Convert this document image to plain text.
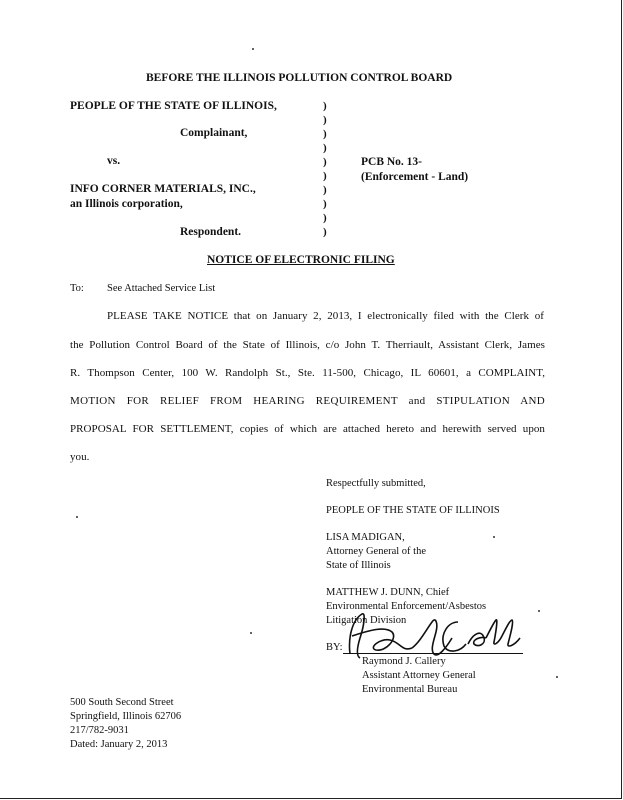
BEFORE THE ILLINOIS POLLUTION CONTROL BOARD
PEOPLE OF THE STATE OF ILLINOIS,
Complainant,
vs.
INFO CORNER MATERIALS, INC.,
an Illinois corporation,
Respondent.
)
)
)
)
)
)
)
)
)
)
PCB No. 13-
(Enforcement - Land)
NOTICE OF ELECTRONIC FILING
To: See Attached Service List
PLEASE TAKE NOTICE that on January 2, 2013, I electronically filed with the Clerk of
the Pollution Control Board of the State of Illinois, c/o John T. Therriault, Assistant Clerk, James
R. Thompson Center, 100 W. Randolph St., Ste. 11-500, Chicago, IL 60601, a COMPLAINT,
MOTION FOR RELIEF FROM HEARING REQUIREMENT and STIPULATION AND
PROPOSAL FOR SETTLEMENT, copies of which are attached hereto and herewith served upon
you.
Respectfully submitted,
PEOPLE OF THE STATE OF ILLINOIS
LISA MADIGAN,
Attorney General of the
State of Illinois
MATTHEW J. DUNN, Chief
Environmental Enforcement/Asbestos
Litigation Division
BY:
Raymond J. Callery
Assistant Attorney General
Environmental Bureau
500 South Second Street
Springfield, Illinois 62706
217/782-9031
Dated: January 2, 2013
